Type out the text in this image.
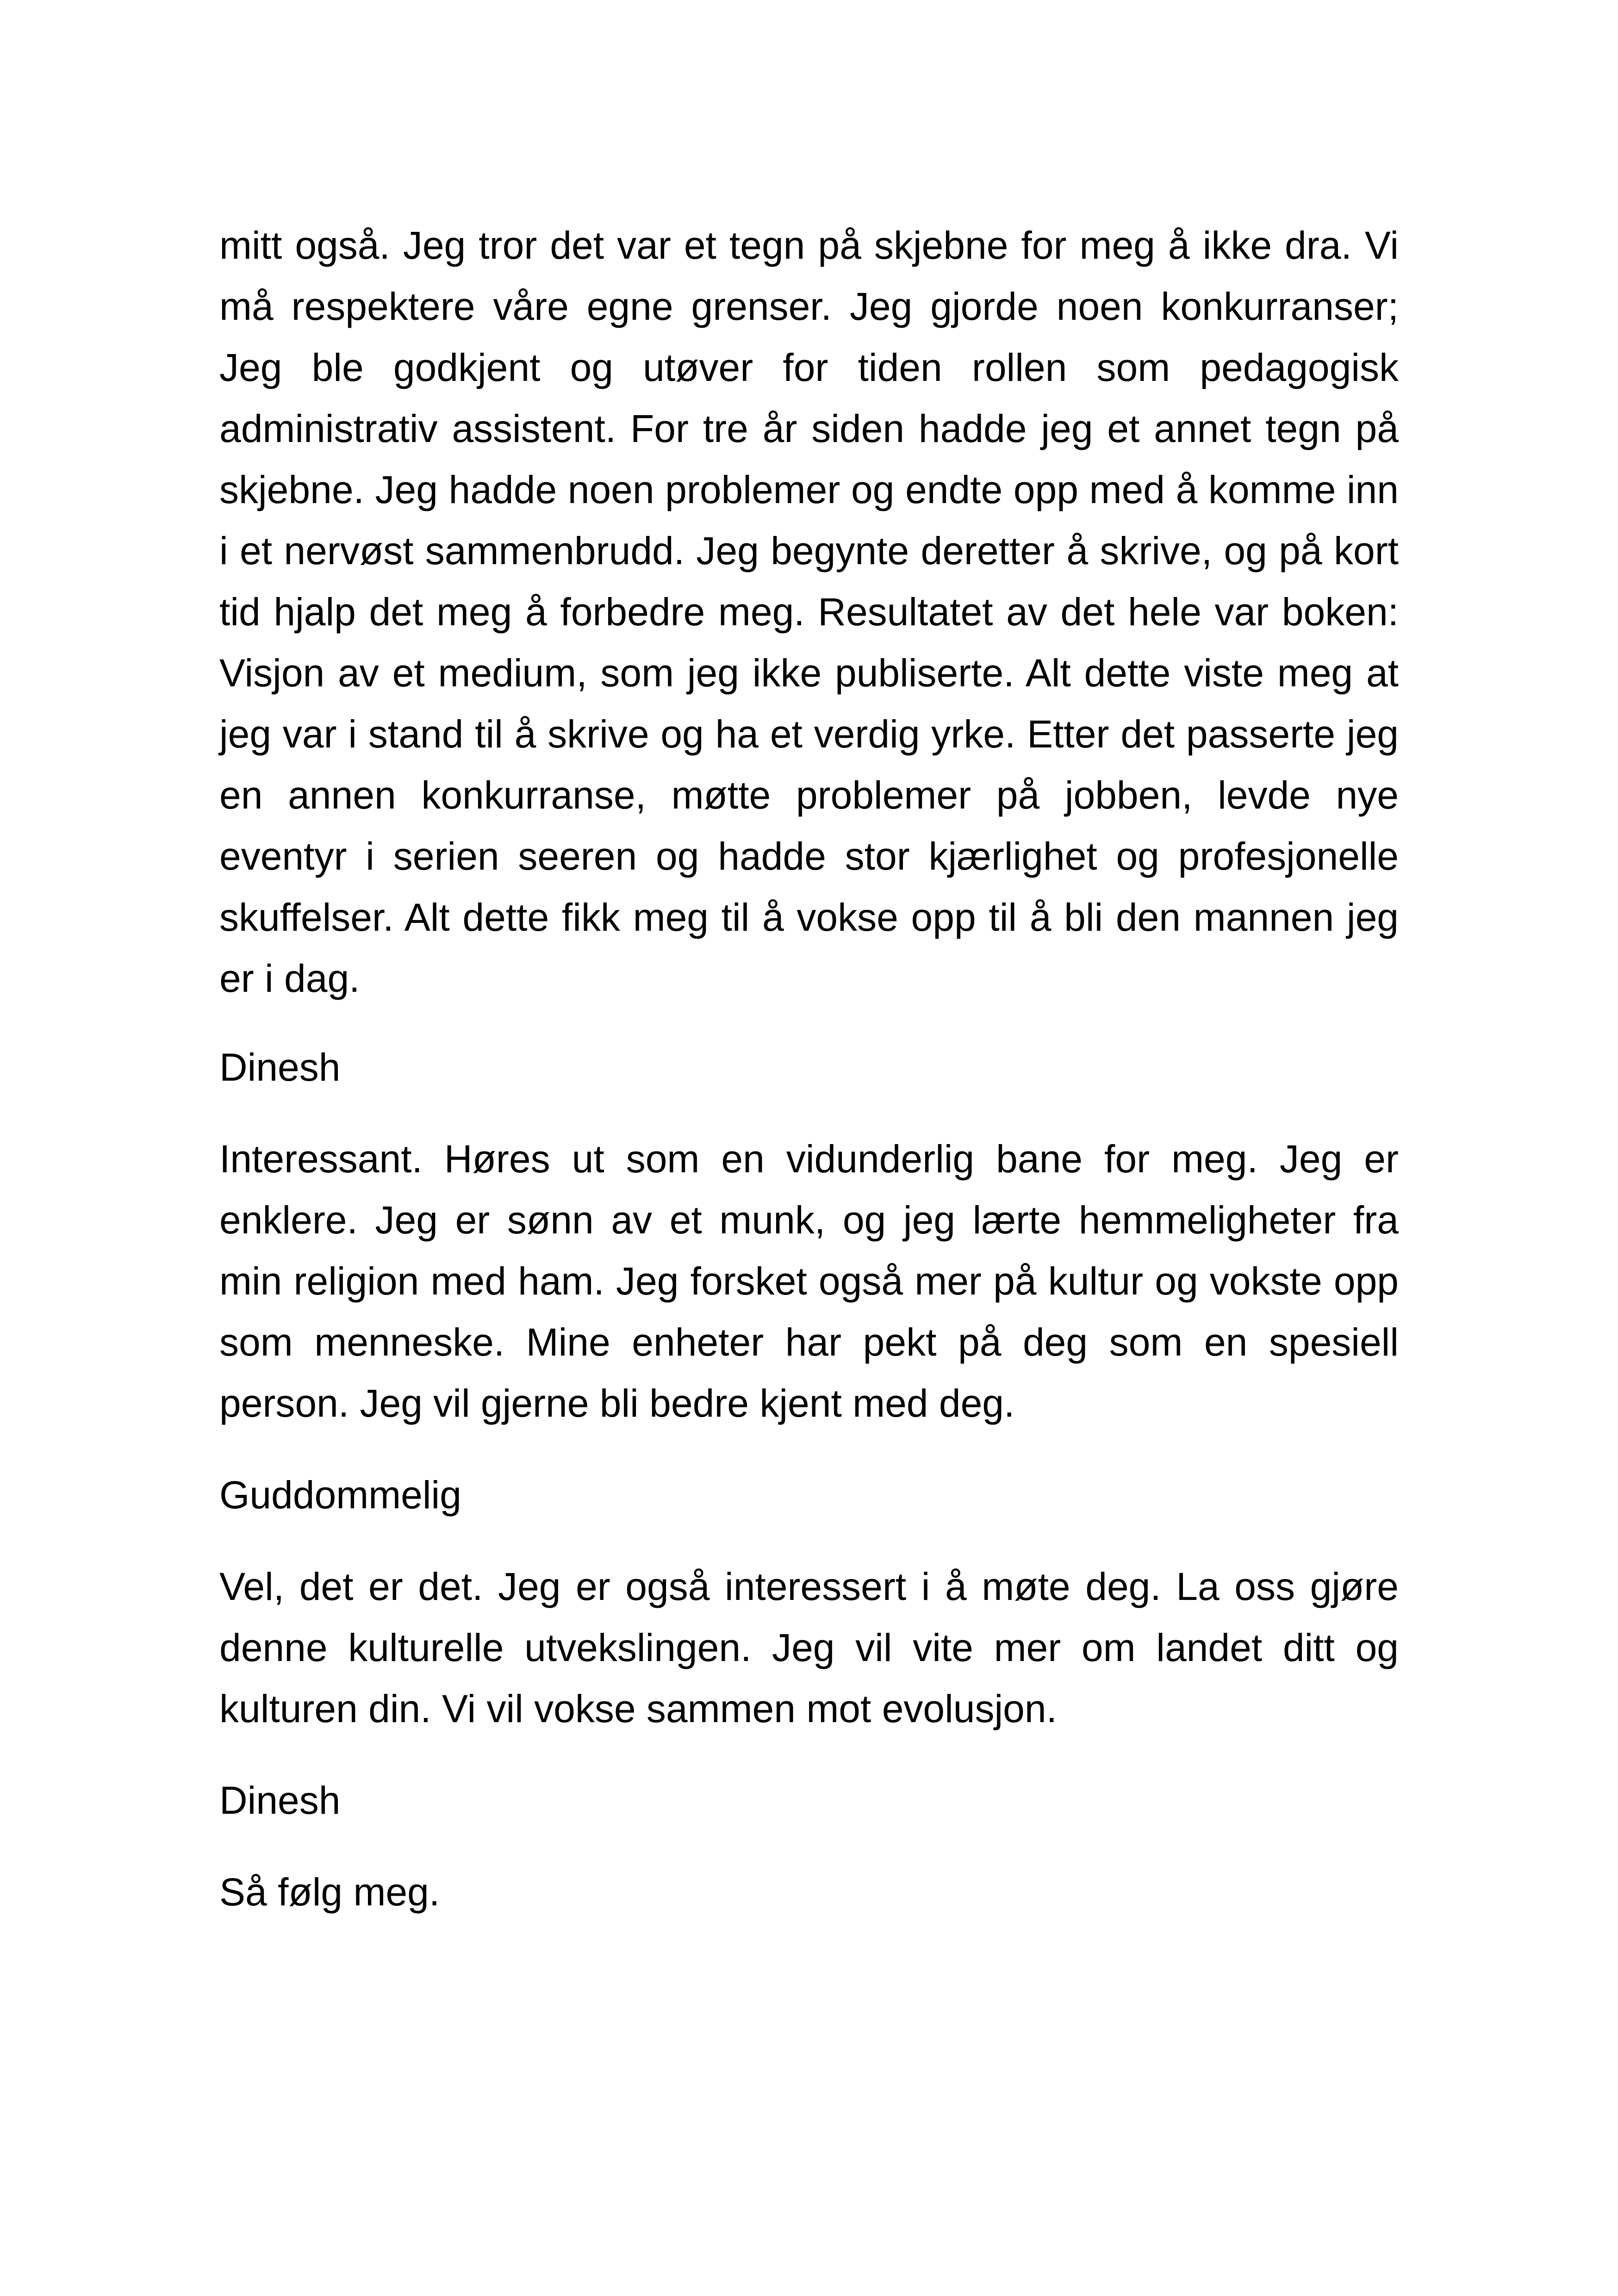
mitt også. Jeg tror det var et tegn på skjebne for meg å ikke dra. Vi må respektere våre egne grenser. Jeg gjorde noen konkurranser; Jeg ble godkjent og utøver for tiden rollen som pedagogisk administrativ assistent. For tre år siden hadde jeg et annet tegn på skjebne. Jeg hadde noen problemer og endte opp med å komme inn i et nervøst sammenbrudd. Jeg begynte deretter å skrive, og på kort tid hjalp det meg å forbedre meg. Resultatet av det hele var boken: Visjon av et medium, som jeg ikke publiserte. Alt dette viste meg at jeg var i stand til å skrive og ha et verdig yrke. Etter det passerte jeg en annen konkurranse, møtte problemer på jobben, levde nye eventyr i serien seeren og hadde stor kjærlighet og profesjonelle skuffelser. Alt dette fikk meg til å vokse opp til å bli den mannen jeg er i dag.

Dinesh

Interessant. Høres ut som en vidunderlig bane for meg. Jeg er enklere. Jeg er sønn av et munk, og jeg lærte hemmeligheter fra min religion med ham. Jeg forsket også mer på kultur og vokste opp som menneske. Mine enheter har pekt på deg som en spesiell person. Jeg vil gjerne bli bedre kjent med deg.

Guddommelig

Vel, det er det. Jeg er også interessert i å møte deg. La oss gjøre denne kulturelle utvekslingen. Jeg vil vite mer om landet ditt og kulturen din. Vi vil vokse sammen mot evolusjon.

Dinesh

Så følg meg.
